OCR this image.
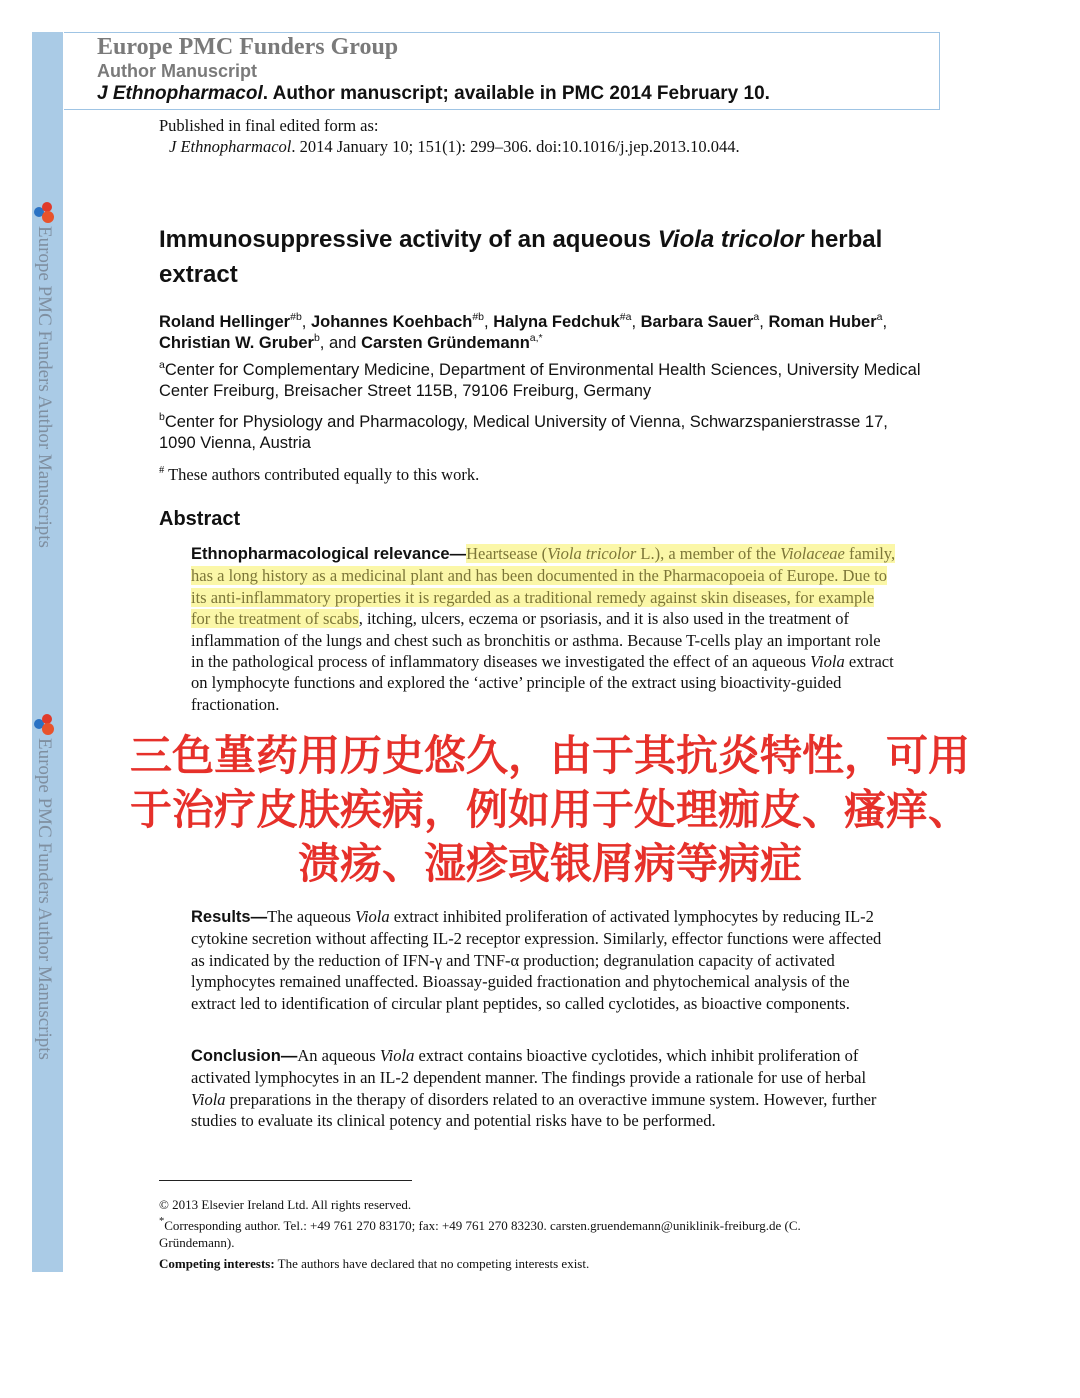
Europe PMC Funders Author Manuscripts
Europe PMC Funders Author Manuscripts
Europe PMC Funders Group
Author Manuscript
J Ethnopharmacol. Author manuscript; available in PMC 2014 February 10.
Published in final edited form as:
J Ethnopharmacol. 2014 January 10; 151(1): 299–306. doi:10.1016/j.jep.2013.10.044.
Immunosuppressive activity of an aqueous Viola tricolor herbal extract
Roland Hellinger$^{\#b}$, Johannes Koehbach$^{\#b}$, Halyna Fedchuk$^{\#a}$, Barbara Sauer$^a$, Roman Huber$^a$, Christian W. Gruber$^b$, and Carsten Gründemann$^{a,*}$
$^a$Center for Complementary Medicine, Department of Environmental Health Sciences, University Medical Center Freiburg, Breisacher Street 115B, 79106 Freiburg, Germany
$^b$Center for Physiology and Pharmacology, Medical University of Vienna, Schwarzspanierstrasse 17, 1090 Vienna, Austria
# These authors contributed equally to this work.
Abstract
Ethnopharmacological relevance—Heartsease (Viola tricolor L.), a member of the Violaceae family, has a long history as a medicinal plant and has been documented in the Pharmacopoeia of Europe. Due to its anti-inflammatory properties it is regarded as a traditional remedy against skin diseases, for example for the treatment of scabs, itching, ulcers, eczema or psoriasis, and it is also used in the treatment of inflammation of the lungs and chest such as bronchitis or asthma. Because T-cells play an important role in the pathological process of inflammatory diseases we investigated the effect of an aqueous Viola extract on lymphocyte functions and explored the ‘active’ principle of the extract using bioactivity-guided fractionation.
三色堇药用历史悠久，由于其抗炎特性，可用
于治疗皮肤疾病，例如用于处理痂皮、瘙痒、
溃疡、湿疹或银屑病等病症
Results—The aqueous Viola extract inhibited proliferation of activated lymphocytes by reducing IL-2 cytokine secretion without affecting IL-2 receptor expression. Similarly, effector functions were affected as indicated by the reduction of IFN-γ and TNF-α production; degranulation capacity of activated lymphocytes remained unaffected. Bioassay-guided fractionation and phytochemical analysis of the extract led to identification of circular plant peptides, so called cyclotides, as bioactive components.
Conclusion—An aqueous Viola extract contains bioactive cyclotides, which inhibit proliferation of activated lymphocytes in an IL-2 dependent manner. The findings provide a rationale for use of herbal Viola preparations in the therapy of disorders related to an overactive immune system. However, further studies to evaluate its clinical potency and potential risks have to be performed.
© 2013 Elsevier Ireland Ltd. All rights reserved.
*Corresponding author. Tel.: +49 761 270 83170; fax: +49 761 270 83230. carsten.gruendemann@uniklinik-freiburg.de (C. Gründemann).
Competing interests: The authors have declared that no competing interests exist.
